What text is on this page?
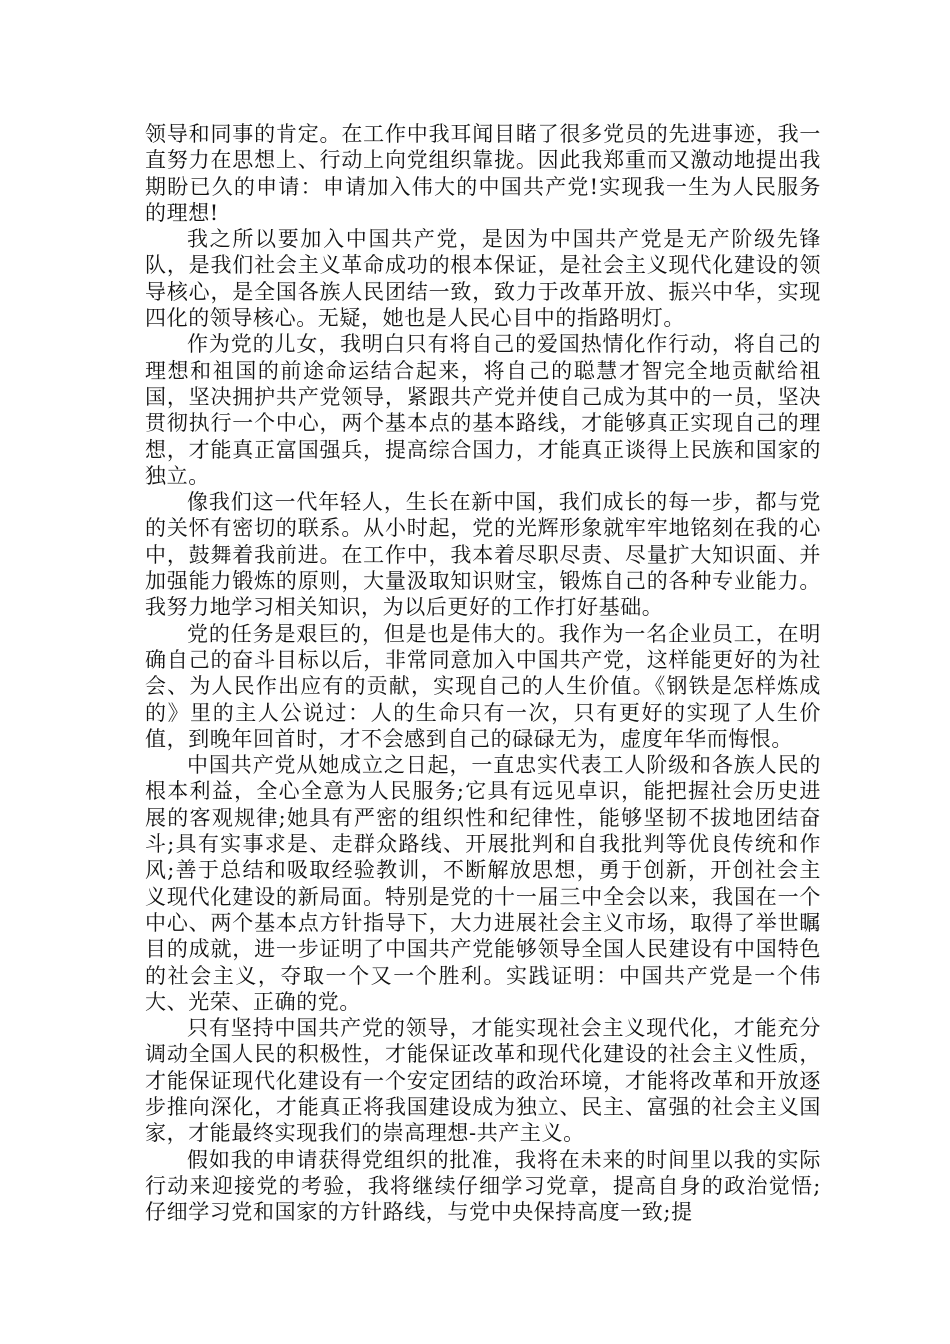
领导和同事的肯定。在工作中我耳闻目睹了很多党员的先进事迹，我一直努力在思想上、行动上向党组织靠拢。因此我郑重而又激动地提出我期盼已久的申请：申请加入伟大的中国共产党!实现我一生为人民服务的理想!

我之所以要加入中国共产党，是因为中国共产党是无产阶级先锋队，是我们社会主义革命成功的根本保证，是社会主义现代化建设的领导核心，是全国各族人民团结一致，致力于改革开放、振兴中华，实现四化的领导核心。无疑，她也是人民心目中的指路明灯。

作为党的儿女，我明白只有将自己的爱国热情化作行动，将自己的理想和祖国的前途命运结合起来，将自己的聪慧才智完全地贡献给祖国，坚决拥护共产党领导，紧跟共产党并使自己成为其中的一员，坚决贯彻执行一个中心，两个基本点的基本路线，才能够真正实现自己的理想，才能真正富国强兵，提高综合国力，才能真正谈得上民族和国家的独立。

像我们这一代年轻人，生长在新中国，我们成长的每一步，都与党的关怀有密切的联系。从小时起，党的光辉形象就牢牢地铭刻在我的心中，鼓舞着我前进。在工作中，我本着尽职尽责、尽量扩大知识面、并加强能力锻炼的原则，大量汲取知识财宝，锻炼自己的各种专业能力。我努力地学习相关知识，为以后更好的工作打好基础。

党的任务是艰巨的，但是也是伟大的。我作为一名企业员工，在明确自己的奋斗目标以后，非常同意加入中国共产党，这样能更好的为社会、为人民作出应有的贡献，实现自己的人生价值。《钢铁是怎样炼成的》里的主人公说过：人的生命只有一次，只有更好的实现了人生价值，到晚年回首时，才不会感到自己的碌碌无为，虚度年华而悔恨。

中国共产党从她成立之日起，一直忠实代表工人阶级和各族人民的根本利益，全心全意为人民服务;它具有远见卓识，能把握社会历史进展的客观规律;她具有严密的组织性和纪律性，能够坚韧不拔地团结奋斗;具有实事求是、走群众路线、开展批判和自我批判等优良传统和作风;善于总结和吸取经验教训，不断解放思想，勇于创新，开创社会主义现代化建设的新局面。特别是党的十一届三中全会以来，我国在一个中心、两个基本点方针指导下，大力进展社会主义市场，取得了举世瞩目的成就，进一步证明了中国共产党能够领导全国人民建设有中国特色的社会主义，夺取一个又一个胜利。实践证明：中国共产党是一个伟大、光荣、正确的党。

只有坚持中国共产党的领导，才能实现社会主义现代化，才能充分调动全国人民的积极性，才能保证改革和现代化建设的社会主义性质，才能保证现代化建设有一个安定团结的政治环境，才能将改革和开放逐步推向深化，才能真正将我国建设成为独立、民主、富强的社会主义国家，才能最终实现我们的崇高理想-共产主义。

假如我的申请获得党组织的批准，我将在未来的时间里以我的实际行动来迎接党的考验，我将继续仔细学习党章，提高自身的政治觉悟;仔细学习党和国家的方针路线，与党中央保持高度一致;提
